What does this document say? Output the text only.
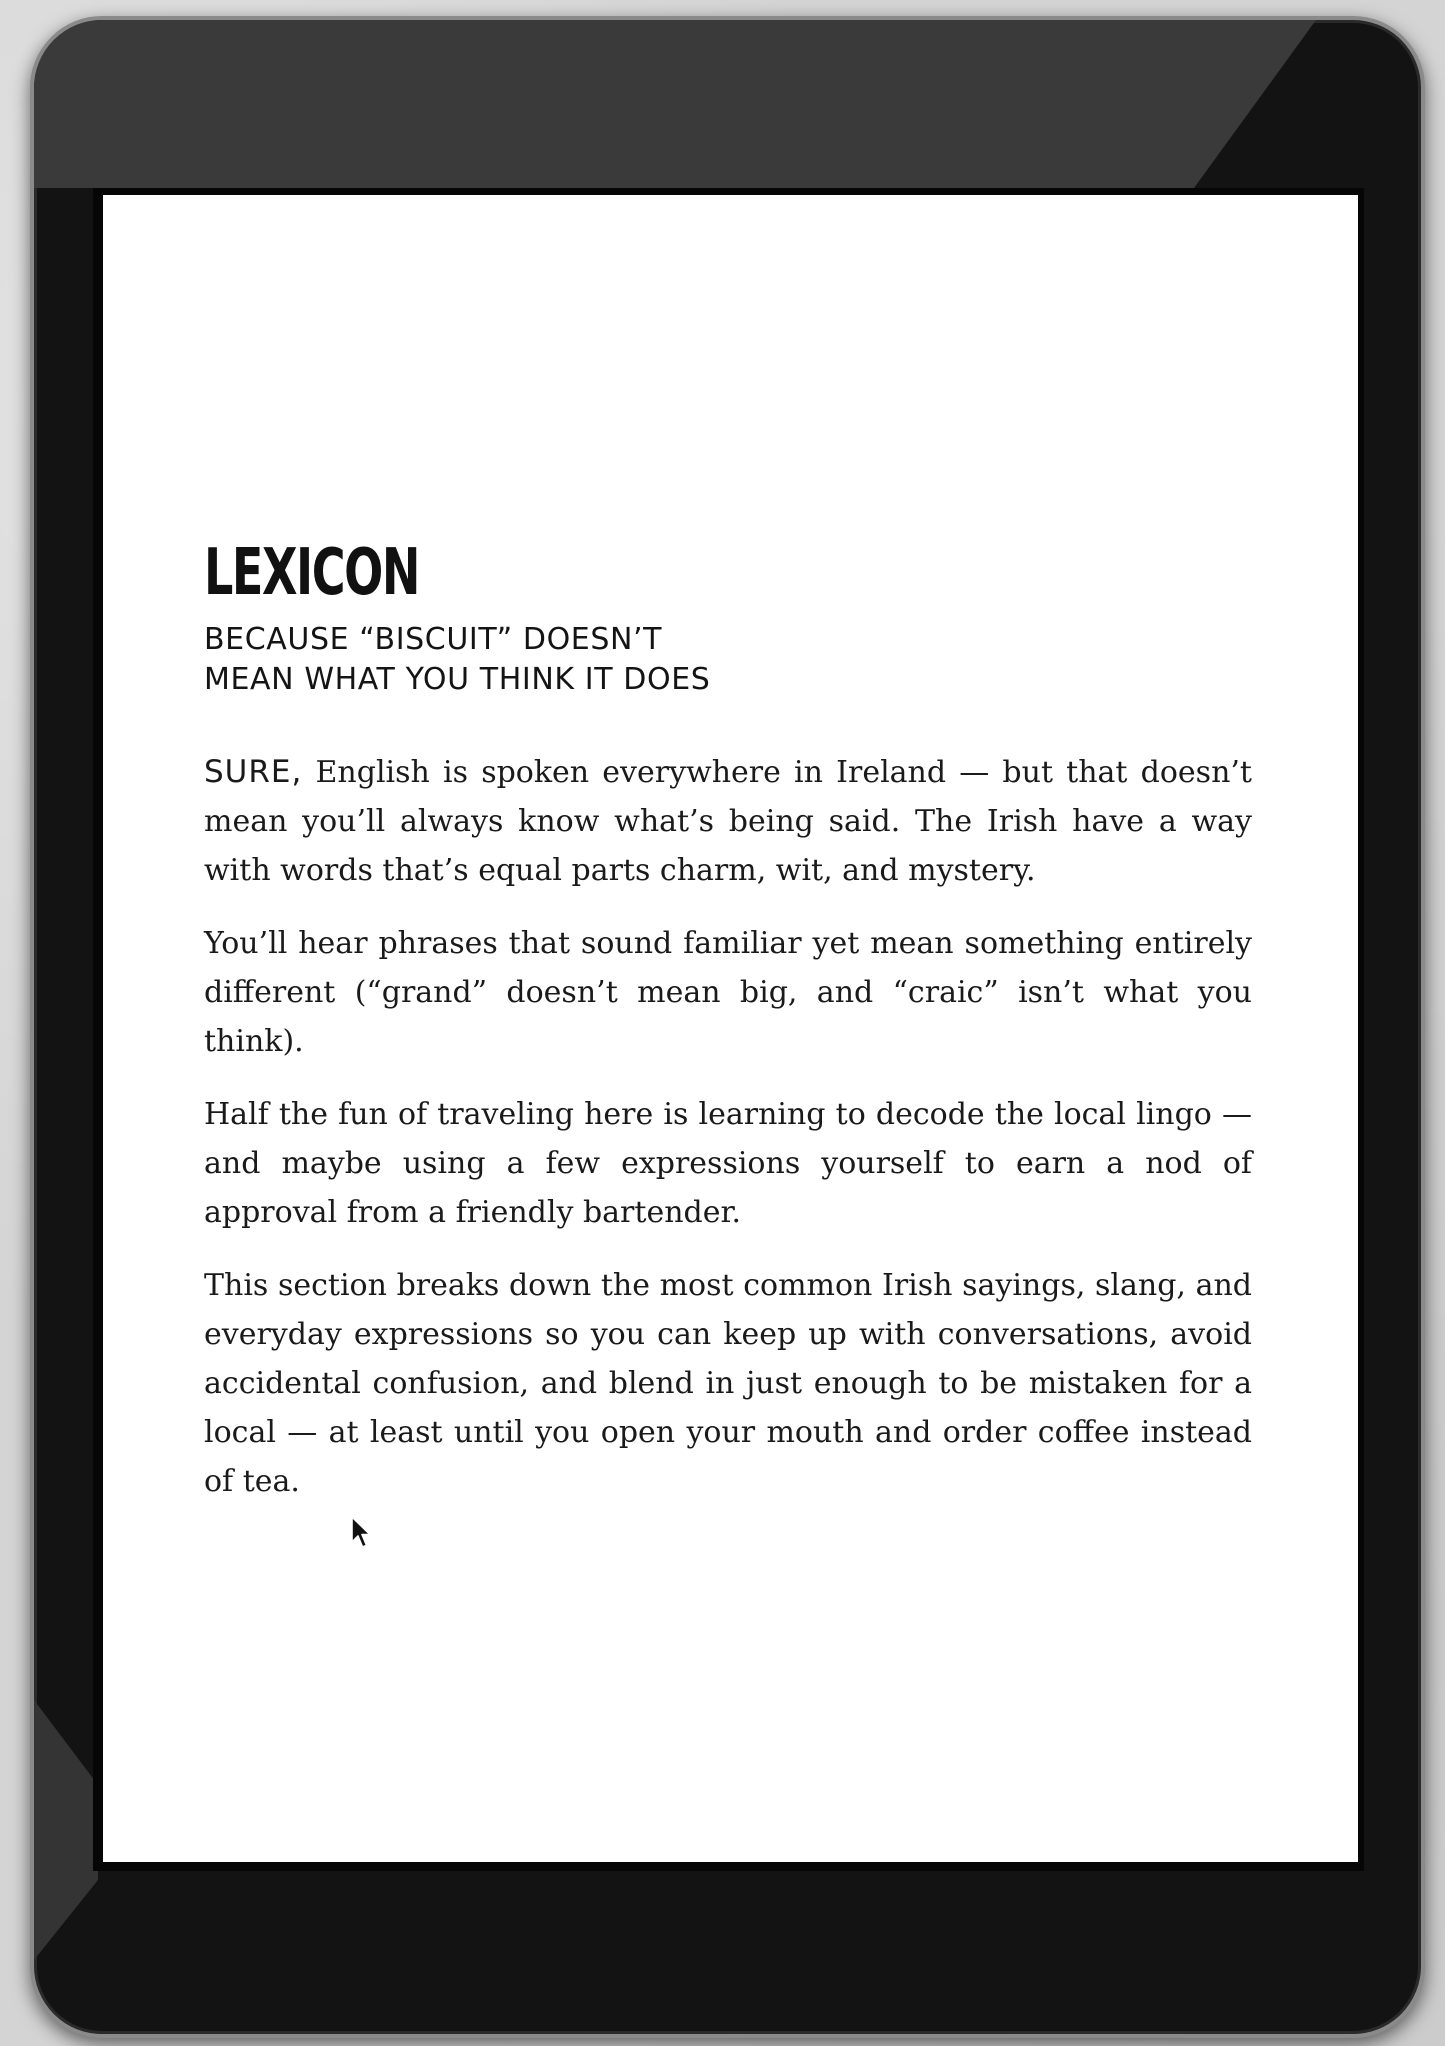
LEXICON
BECAUSE “BISCUIT” DOESN’T
MEAN WHAT YOU THINK IT DOES

SURE, English is spoken everywhere in Ireland — but that doesn’t mean you’ll always know what’s being said. The Irish have a way with words that’s equal parts charm, wit, and mystery.

You’ll hear phrases that sound familiar yet mean something entirely different (“grand” doesn’t mean big, and “craic” isn’t what you think).

Half the fun of traveling here is learning to decode the local lingo — and maybe using a few expressions yourself to earn a nod of approval from a friendly bartender.

This section breaks down the most common Irish sayings, slang, and everyday expressions so you can keep up with conversations, avoid accidental confusion, and blend in just enough to be mistaken for a local — at least until you open your mouth and order coffee instead of tea.
